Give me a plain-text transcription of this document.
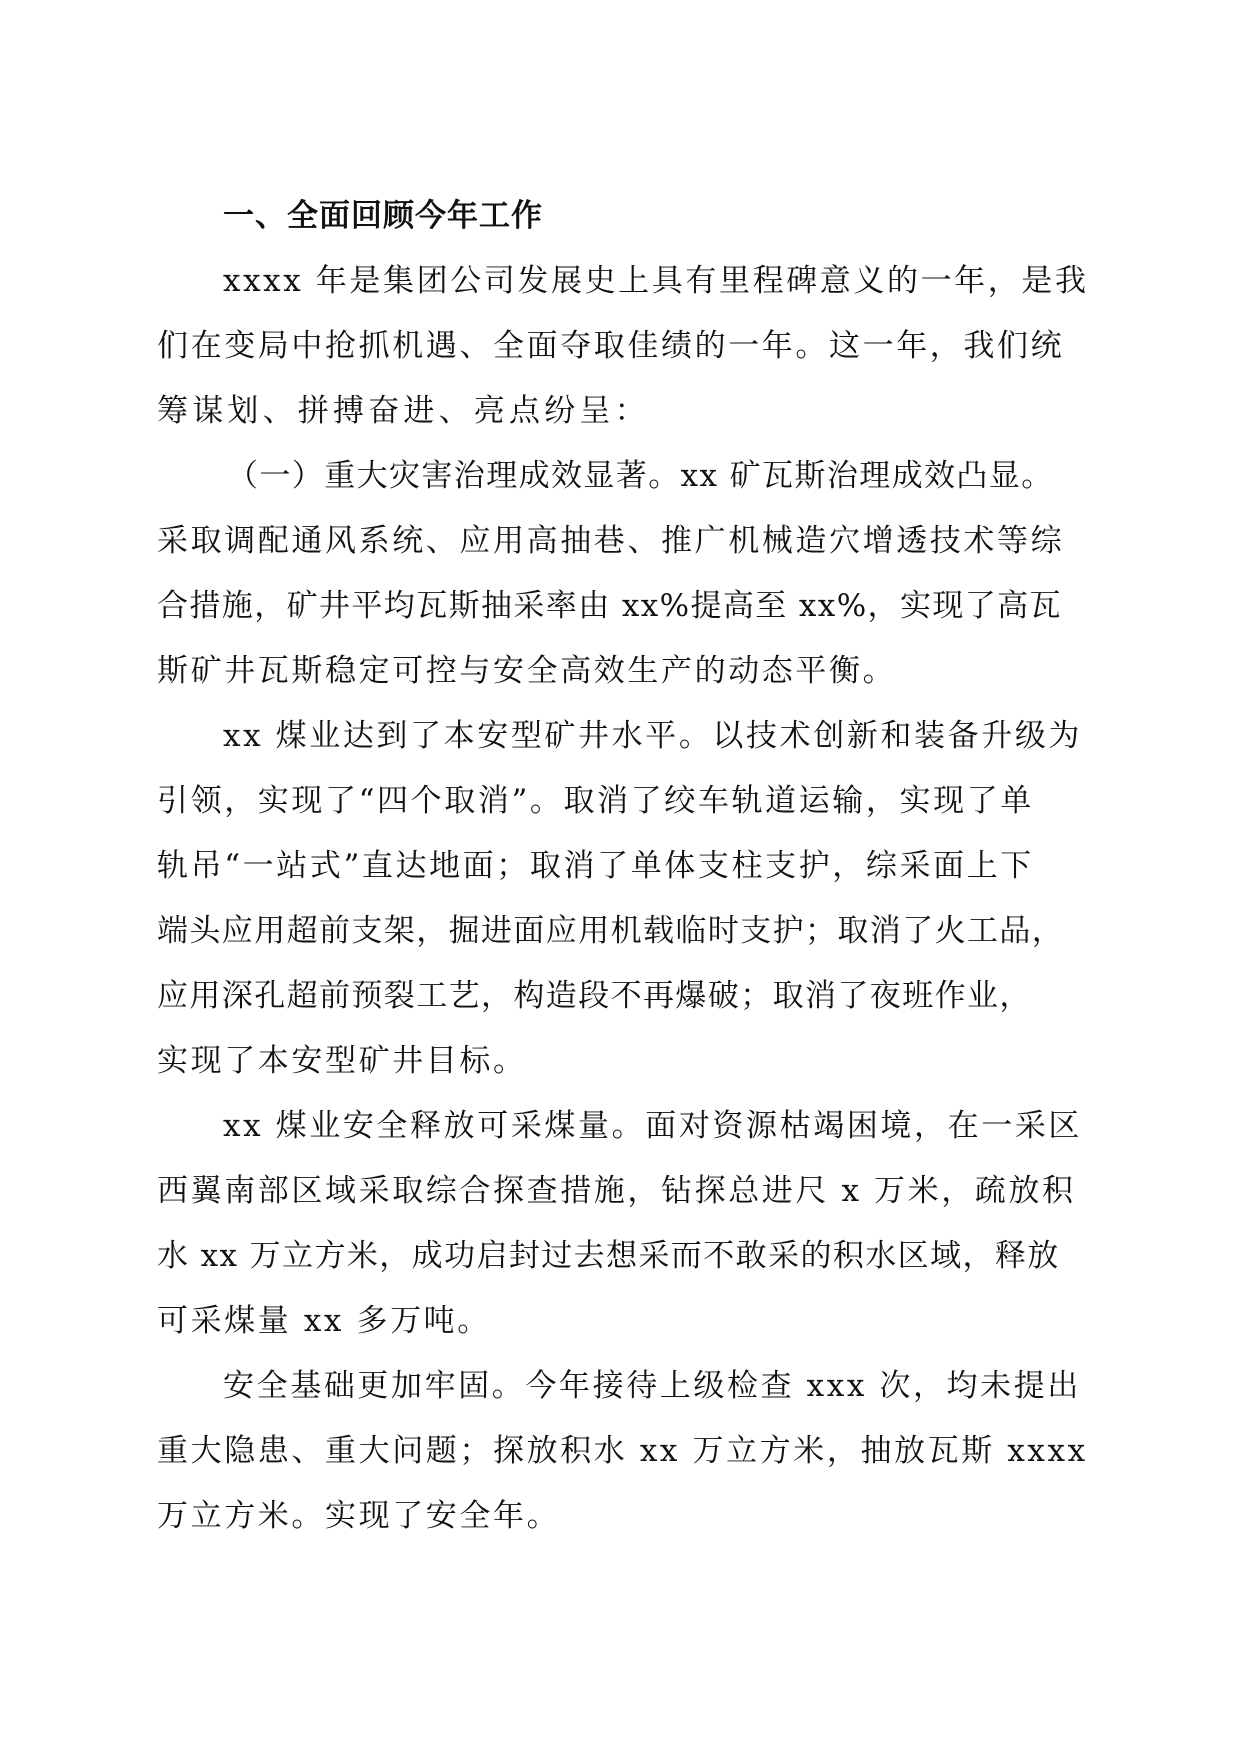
一、全面回顾今年工作

xxxx 年是集团公司发展史上具有里程碑意义的一年，是我
们在变局中抢抓机遇、全面夺取佳绩的一年。这一年，我们统
筹谋划、拼搏奋进、亮点纷呈：

（一）重大灾害治理成效显著。xx 矿瓦斯治理成效凸显。
采取调配通风系统、应用高抽巷、推广机械造穴增透技术等综
合措施，矿井平均瓦斯抽采率由 xx%提高至 xx%，实现了高瓦
斯矿井瓦斯稳定可控与安全高效生产的动态平衡。

xx 煤业达到了本安型矿井水平。以技术创新和装备升级为
引领，实现了“四个取消”。取消了绞车轨道运输，实现了单
轨吊“一站式”直达地面；取消了单体支柱支护，综采面上下
端头应用超前支架，掘进面应用机载临时支护；取消了火工品，
应用深孔超前预裂工艺，构造段不再爆破；取消了夜班作业，
实现了本安型矿井目标。

xx 煤业安全释放可采煤量。面对资源枯竭困境，在一采区
西翼南部区域采取综合探查措施，钻探总进尺 x 万米，疏放积
水 xx 万立方米，成功启封过去想采而不敢采的积水区域，释放
可采煤量 xx 多万吨。

安全基础更加牢固。今年接待上级检查 xxx 次，均未提出
重大隐患、重大问题；探放积水 xx 万立方米，抽放瓦斯 xxxx
万立方米。实现了安全年。
